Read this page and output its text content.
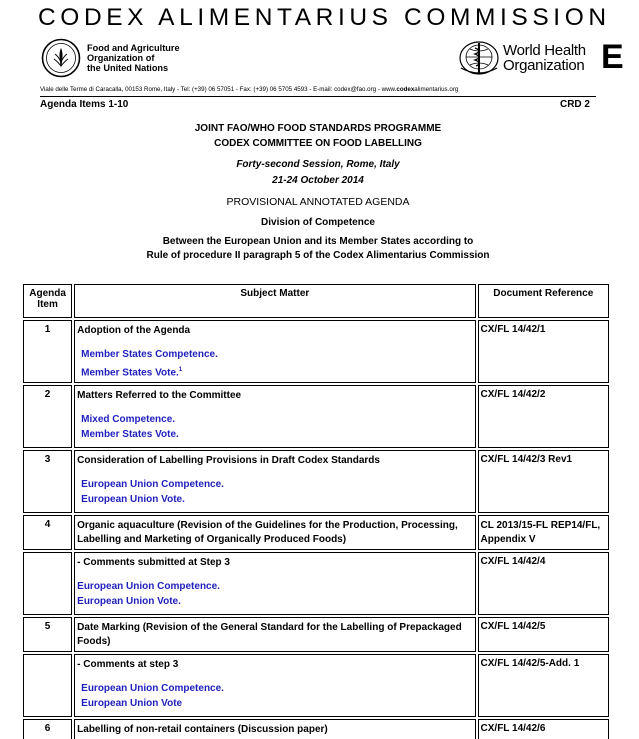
CODEX ALIMENTARIUS COMMISSION
Food and Agriculture
Organization of
the United Nations
World Health
Organization E
Viale delle Terme di Caracalla, 00153 Rome, Italy - Tel: (+39) 06 57051 - Fax: (+39) 06 5705 4593 - E-mail: codex@fao.org - www.codexalimentarius.org
Agenda Items 1-10	CRD 2
JOINT FAO/WHO FOOD STANDARDS PROGRAMME
CODEX COMMITTEE ON FOOD LABELLING
Forty-second Session, Rome, Italy
21-24 October 2014
PROVISIONAL ANNOTATED AGENDA
Division of Competence
Between the European Union and its Member States according to
Rule of procedure II paragraph 5 of the Codex Alimentarius Commission
Agenda Item	Subject Matter	Document Reference
1	Adoption of the Agenda
Member States Competence.
Member States Vote.$^1$	CX/FL 14/42/1
2	Matters Referred to the Committee
Mixed Competence.
Member States Vote.	CX/FL 14/42/2
3	Consideration of Labelling Provisions in Draft Codex Standards
European Union Competence.
European Union Vote.	CX/FL 14/42/3 Rev1
4	Organic aquaculture (Revision of the Guidelines for the Production, Processing, Labelling and Marketing of Organically Produced Foods)	CL 2013/15-FL REP14/FL, Appendix V

	- Comments submitted at Step 3
European Union Competence.
European Union Vote.	CX/FL 14/42/4
5	Date Marking (Revision of the General Standard for the Labelling of Prepackaged Foods)	CX/FL 14/42/5

	- Comments at step 3
European Union Competence.
European Union Vote	CX/FL 14/42/5-Add. 1
6	Labelling of non-retail containers (Discussion paper)	CX/FL 14/42/6
